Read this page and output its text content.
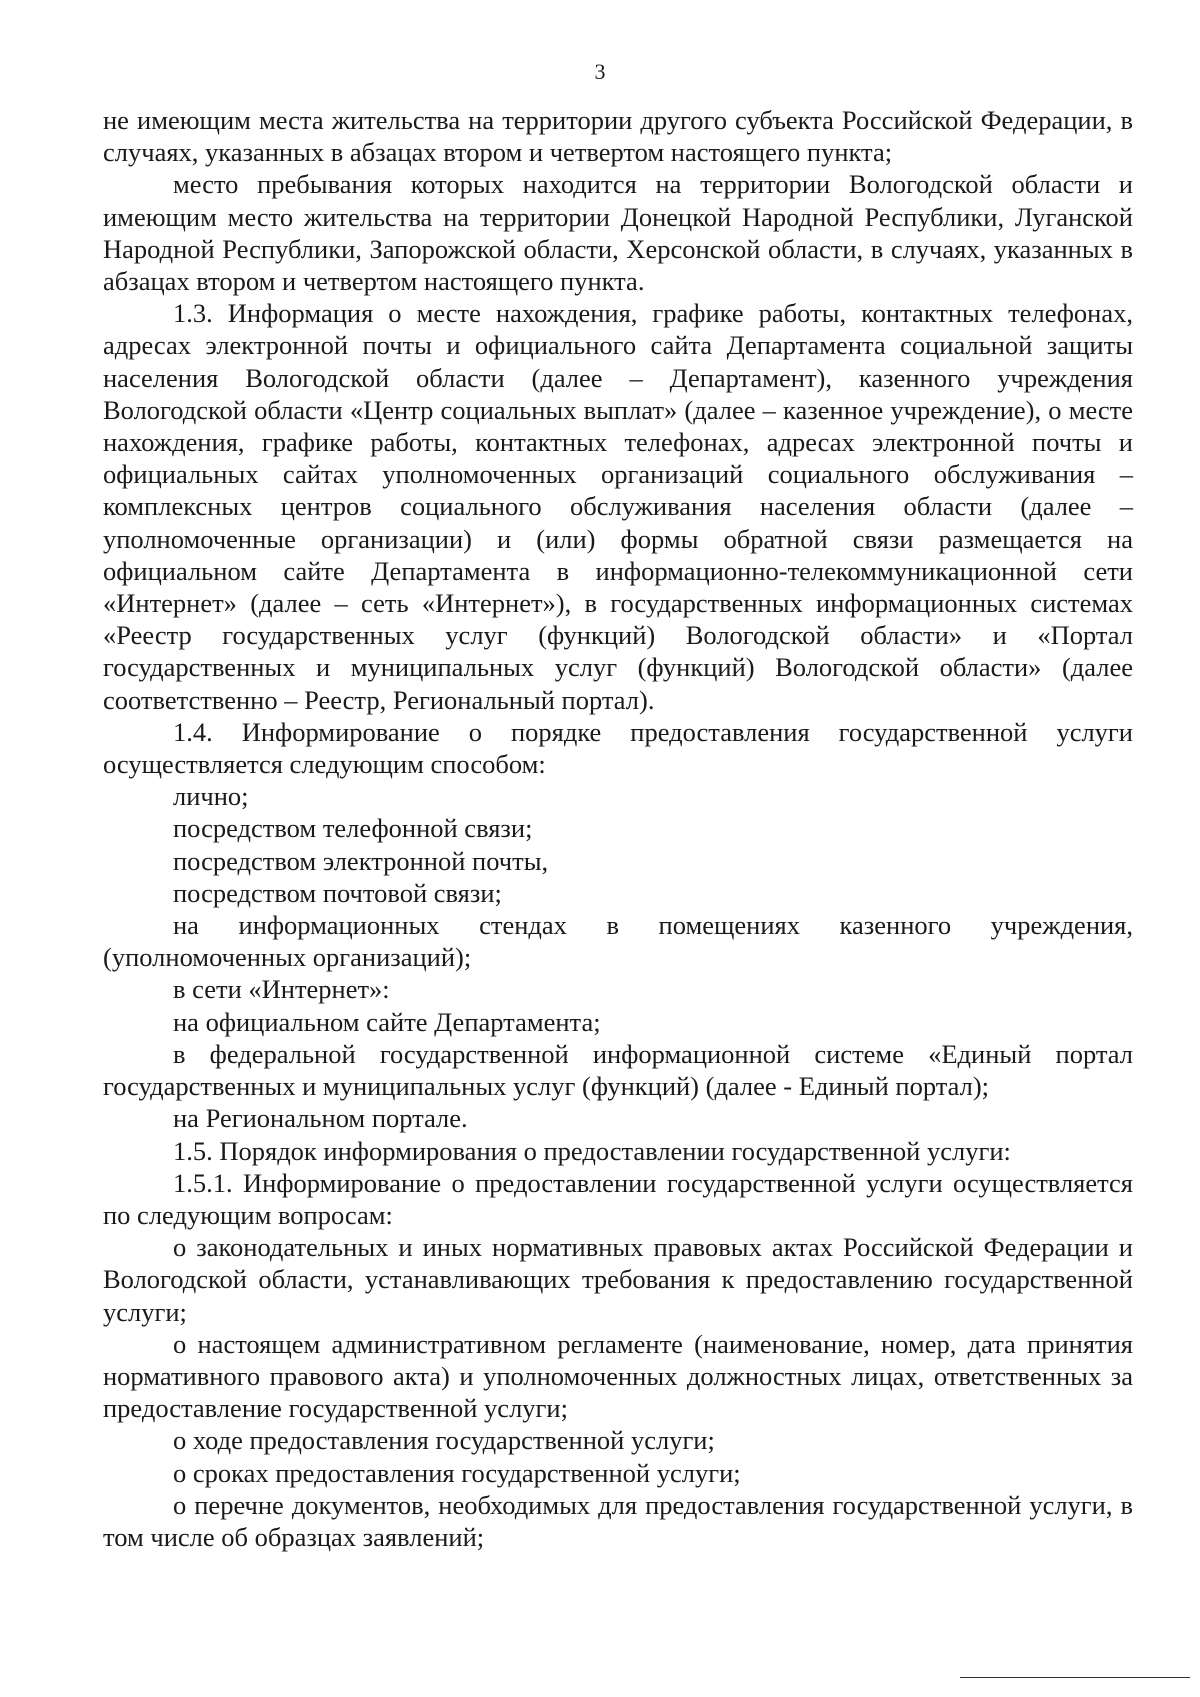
3

не имеющим места жительства на территории другого субъекта Российской Федерации, в случаях, указанных в абзацах втором и четвертом настоящего пункта;

место пребывания которых находится на территории Вологодской области и имеющим место жительства на территории Донецкой Народной Республики, Луганской Народной Республики, Запорожской области, Херсонской области, в случаях, указанных в абзацах втором и четвертом настоящего пункта.

1.3. Информация о месте нахождения, графике работы, контактных телефонах, адресах электронной почты и официального сайта Департамента социальной защиты населения Вологодской области (далее – Департамент), казенного учреждения Вологодской области «Центр социальных выплат» (далее – казенное учреждение), о месте нахождения, графике работы, контактных телефонах, адресах электронной почты и официальных сайтах уполномоченных организаций социального обслуживания – комплексных центров социального обслуживания населения области (далее – уполномоченные организации) и (или) формы обратной связи размещается на официальном сайте Департамента в информационно-телекоммуникационной сети «Интернет» (далее – сеть «Интернет»), в государственных информационных системах «Реестр государственных услуг (функций) Вологодской области» и «Портал государственных и муниципальных услуг (функций) Вологодской области» (далее соответственно – Реестр, Региональный портал).

1.4. Информирование о порядке предоставления государственной услуги осуществляется следующим способом:

лично;

посредством телефонной связи;

посредством электронной почты,

посредством почтовой связи;

на информационных стендах в помещениях казенного учреждения, (уполномоченных организаций);

в сети «Интернет»:

на официальном сайте Департамента;

в федеральной государственной информационной системе «Единый портал государственных и муниципальных услуг (функций) (далее - Единый портал);

на Региональном портале.

1.5. Порядок информирования о предоставлении государственной услуги:

1.5.1. Информирование о предоставлении государственной услуги осуществляется по следующим вопросам:

о законодательных и иных нормативных правовых актах Российской Федерации и Вологодской области, устанавливающих требования к предоставлению государственной услуги;

о настоящем административном регламенте (наименование, номер, дата принятия нормативного правового акта) и уполномоченных должностных лицах, ответственных за предоставление государственной услуги;

о ходе предоставления государственной услуги;

о сроках предоставления государственной услуги;

о перечне документов, необходимых для предоставления государственной услуги, в том числе об образцах заявлений;
